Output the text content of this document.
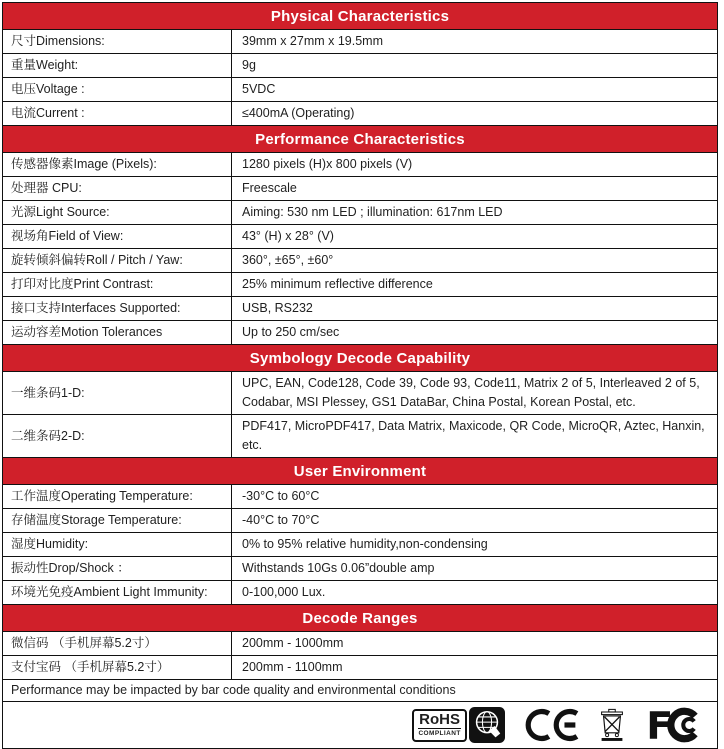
Physical Characteristics
尺寸Dimensions:	39mm x 27mm x 19.5mm
重量Weight:	9g
电压Voltage :	5VDC
电流Current :	≤400mA (Operating)
Performance Characteristics
传感器像素Image (Pixels):	1280 pixels (H)x 800 pixels (V)
处理器 CPU:	Freescale
光源Light Source:	Aiming: 530 nm LED ; illumination: 617nm LED
视场角Field of View:	43° (H) x 28° (V)
旋转倾斜偏转Roll / Pitch / Yaw:	360°, ±65°, ±60°
打印对比度Print Contrast:	25% minimum reflective difference
接口支持Interfaces Supported:	USB, RS232
运动容差Motion Tolerances	Up to 250 cm/sec
Symbology Decode Capability
一维条码1-D:
UPC, EAN, Code128, Code 39, Code 93, Code11, Matrix 2 of 5, Interleaved 2 of 5, Codabar, MSI Plessey, GS1 DataBar, China Postal, Korean Postal, etc.
二维条码2-D:
PDF417, MicroPDF417, Data Matrix, Maxicode, QR Code, MicroQR, Aztec, Hanxin, etc.
User Environment
工作温度Operating Temperature:	-30°C to 60°C
存储温度Storage Temperature:	-40°C to 70°C
湿度Humidity:	0% to 95% relative humidity,non-condensing
振动性Drop/Shock ：	Withstands 10Gs 0.06”double amp
环境光免疫Ambient Light Immunity:	0-100,000 Lux.
Decode Ranges
微信码 （手机屏幕5.2寸）	200mm - 1000mm
支付宝码 （手机屏幕5.2寸）	200mm - 1100mm
Performance may be impacted by bar code quality and environmental conditions
RoHS
COMPLIANT
